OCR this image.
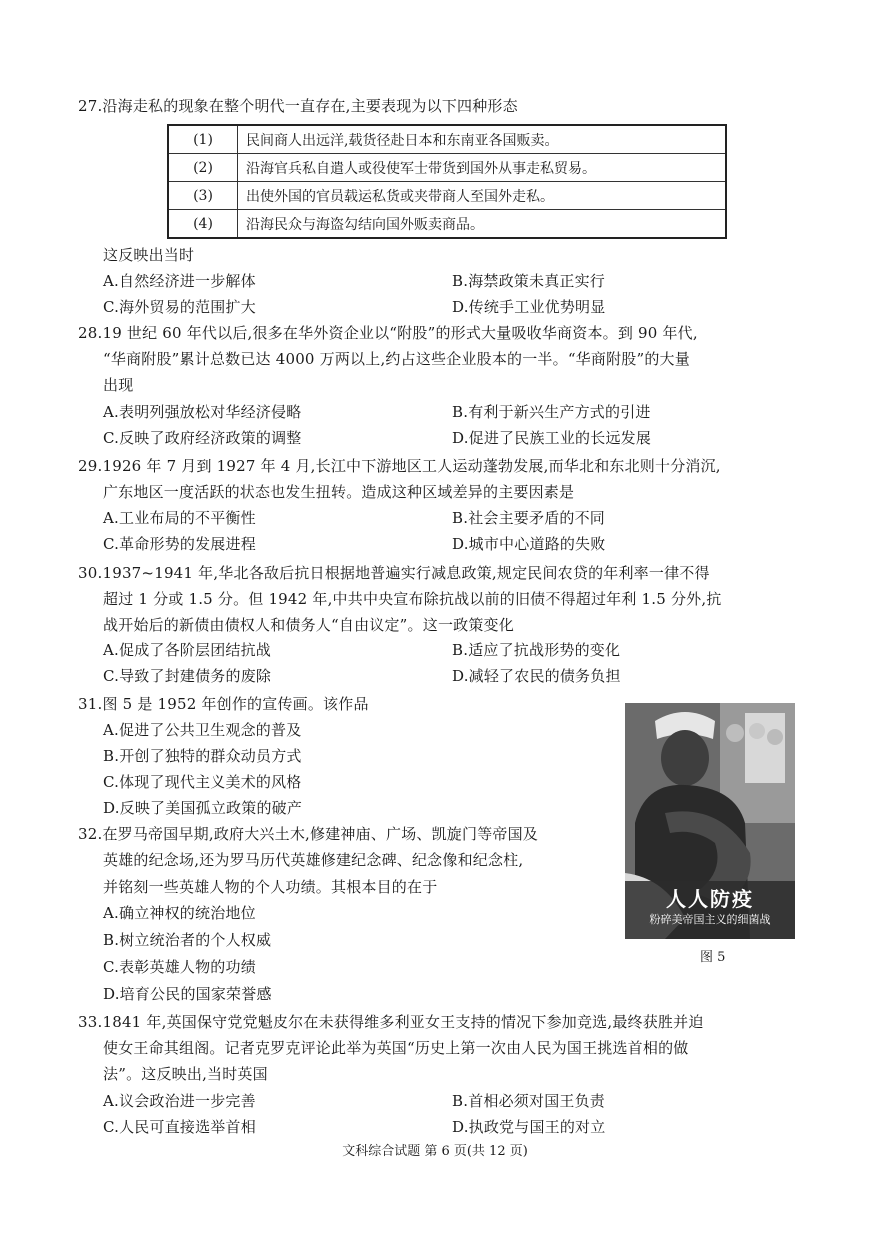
27.沿海走私的现象在整个明代一直存在,主要表现为以下四种形态
(1)	民间商人出远洋,载货径赴日本和东南亚各国贩卖。
(2)	沿海官兵私自遣人或役使军士带货到国外从事走私贸易。
(3)	出使外国的官员载运私货或夹带商人至国外走私。
(4)	沿海民众与海盗勾结向国外贩卖商品。
这反映出当时
A.自然经济进一步解体	B.海禁政策未真正实行
C.海外贸易的范围扩大	D.传统手工业优势明显
28.19 世纪 60 年代以后,很多在华外资企业以“附股”的形式大量吸收华商资本。到 90 年代,
“华商附股”累计总数已达 4000 万两以上,约占这些企业股本的一半。“华商附股”的大量
出现
A.表明列强放松对华经济侵略	B.有利于新兴生产方式的引进
C.反映了政府经济政策的调整	D.促进了民族工业的长远发展
29.1926 年 7 月到 1927 年 4 月,长江中下游地区工人运动蓬勃发展,而华北和东北则十分消沉,
广东地区一度活跃的状态也发生扭转。造成这种区域差异的主要因素是
A.工业布局的不平衡性	B.社会主要矛盾的不同
C.革命形势的发展进程	D.城市中心道路的失败
30.1937~1941 年,华北各敌后抗日根据地普遍实行减息政策,规定民间农贷的年利率一律不得
超过 1 分或 1.5 分。但 1942 年,中共中央宣布除抗战以前的旧债不得超过年利 1.5 分外,抗
战开始后的新债由债权人和债务人“自由议定”。这一政策变化
A.促成了各阶层团结抗战	B.适应了抗战形势的变化
C.导致了封建债务的废除	D.减轻了农民的债务负担
31.图 5 是 1952 年创作的宣传画。该作品
A.促进了公共卫生观念的普及
B.开创了独特的群众动员方式
C.体现了现代主义美术的风格
D.反映了美国孤立政策的破产
32.在罗马帝国早期,政府大兴土木,修建神庙、广场、凯旋门等帝国及
英雄的纪念场,还为罗马历代英雄修建纪念碑、纪念像和纪念柱,
并铭刻一些英雄人物的个人功绩。其根本目的在于
A.确立神权的统治地位
B.树立统治者的个人权威
C.表彰英雄人物的功绩
D.培育公民的国家荣誉感
人人防疫
粉碎美帝国主义的细菌战
图 5
33.1841 年,英国保守党党魁皮尔在未获得维多利亚女王支持的情况下参加竞选,最终获胜并迫
使女王命其组阁。记者克罗克评论此举为英国“历史上第一次由人民为国王挑选首相的做
法”。这反映出,当时英国
A.议会政治进一步完善	B.首相必须对国王负责
C.人民可直接选举首相	D.执政党与国王的对立
文科综合试题 第 6 页(共 12 页)
